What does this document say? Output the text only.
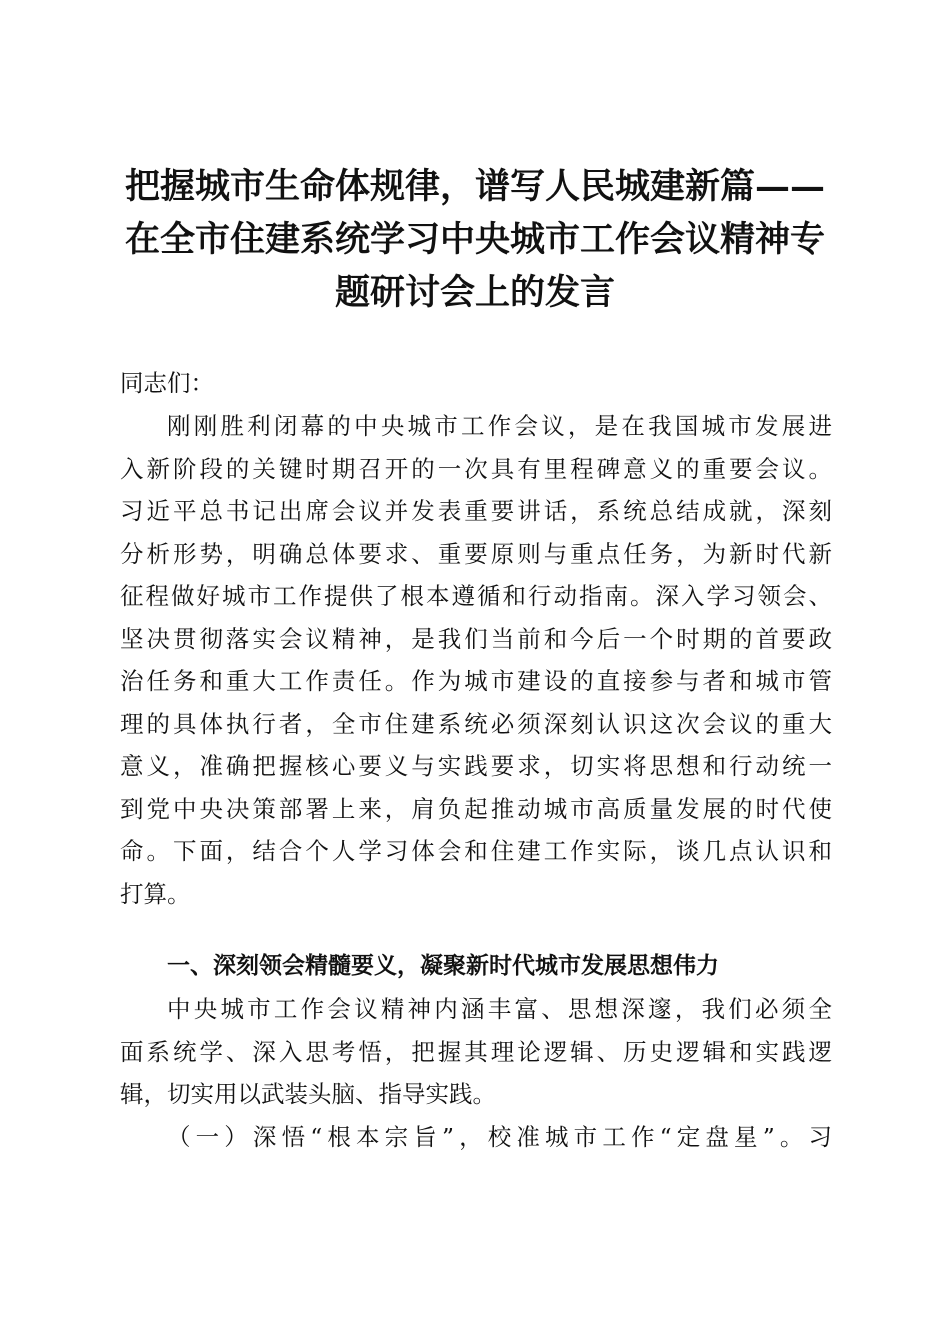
把握城市生命体规律，谱写人民城建新篇——
在全市住建系统学习中央城市工作会议精神专
题研讨会上的发言

同志们：

刚刚胜利闭幕的中央城市工作会议，是在我国城市发展进
入新阶段的关键时期召开的一次具有里程碑意义的重要会议。
习近平总书记出席会议并发表重要讲话，系统总结成就，深刻
分析形势，明确总体要求、重要原则与重点任务，为新时代新
征程做好城市工作提供了根本遵循和行动指南。深入学习领会、
坚决贯彻落实会议精神，是我们当前和今后一个时期的首要政
治任务和重大工作责任。作为城市建设的直接参与者和城市管
理的具体执行者，全市住建系统必须深刻认识这次会议的重大
意义，准确把握核心要义与实践要求，切实将思想和行动统一
到党中央决策部署上来，肩负起推动城市高质量发展的时代使
命。下面，结合个人学习体会和住建工作实际，谈几点认识和
打算。
一、深刻领会精髓要义，凝聚新时代城市发展思想伟力
中央城市工作会议精神内涵丰富、思想深邃，我们必须全
面系统学、深入思考悟，把握其理论逻辑、历史逻辑和实践逻
辑，切实用以武装头脑、指导实践。
（一）深悟“根本宗旨”，校准城市工作“定盘星”。习
